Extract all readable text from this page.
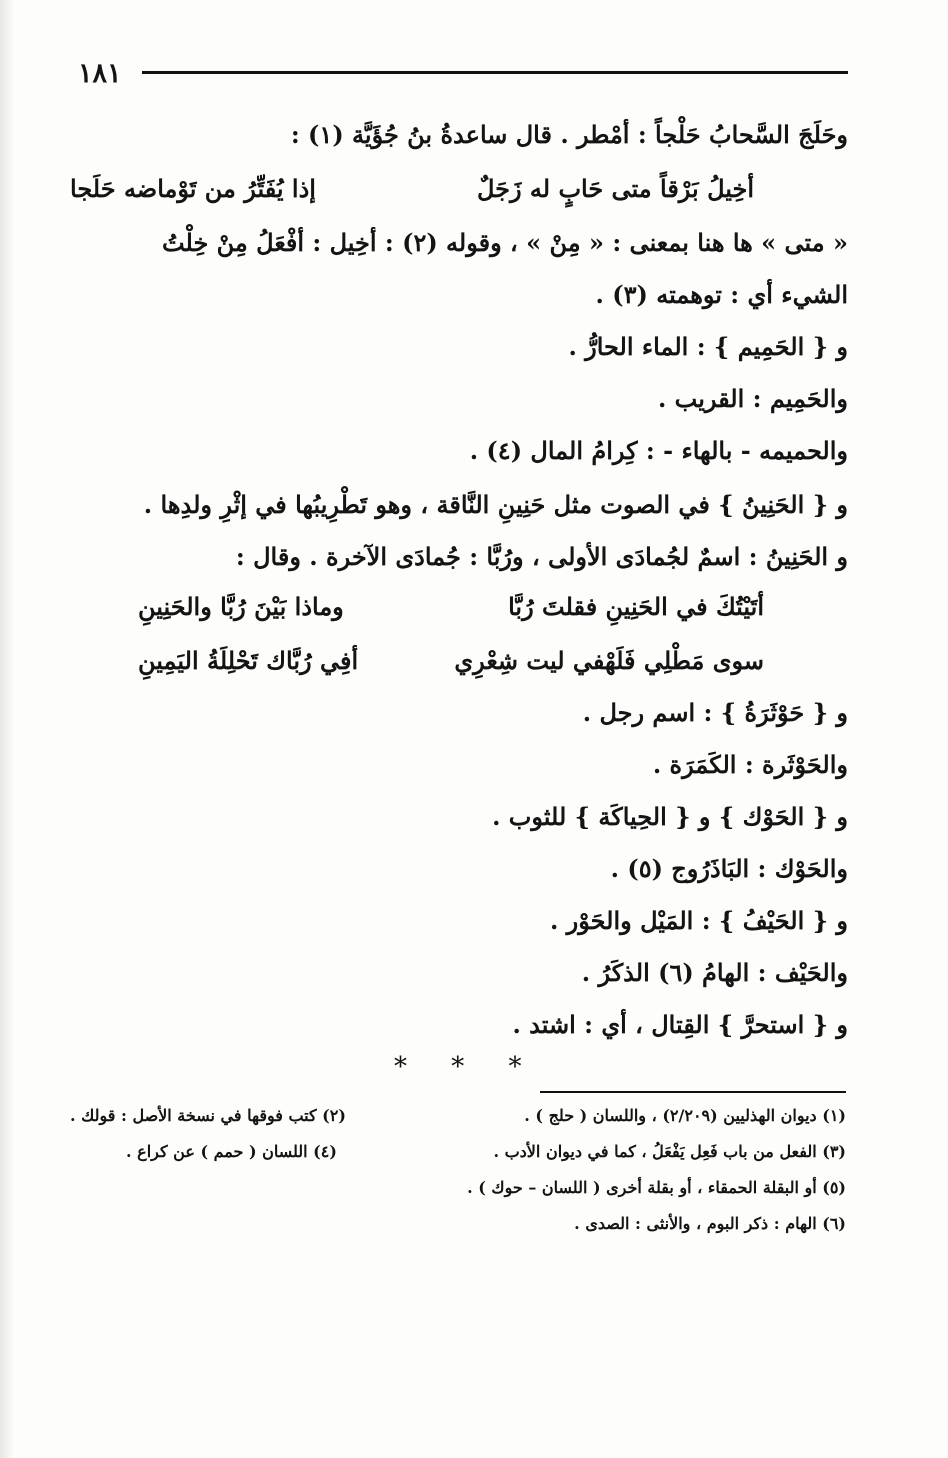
١٨١
وحَلَجَ السَّحابُ حَلْجاً : أمْطر . قال ساعدةُ بنُ جُؤَيَّة (١) :
أخِيلُ بَرْقاً متى حَابٍ له زَجَلٌ
إذا يُفَتِّرُ من تَوْماضه حَلَجا
« متى » ها هنا بمعنى : « مِنْ » ، وقوله (٢) : أخِيل : أفْعَلُ مِنْ خِلْتُ
الشيء أي : توهمته (٣) .
و { الحَمِيم } : الماء الحارُّ .
والحَمِيم : القريب .
والحميمه - بالهاء - : كِرامُ المال (٤) .
و { الحَنِينُ } في الصوت مثل حَنِينِ النَّاقة ، وهو تَطْرِيبُها في إثْرِ ولدِها .
و الحَنِينُ : اسمٌ لجُمادَى الأولى ، ورُبَّا : جُمادَى الآخرة . وقال :
أتَيْتُكَ في الحَنِينِ فقلتَ رُبَّا
وماذا بَيْنَ رُبَّا والحَنِينِ
سوى مَطْلِي فَلَهْفي ليت شِعْرِي
أفِي رُبَّاك تَحْلِلَةُ اليَمِينِ
و { حَوْثَرَةُ } : اسم رجل .
والحَوْثَرة : الكَمَرَة .
و { الحَوْك } و { الحِياكَة } للثوب .
والحَوْك : البَاذَرُوج (٥) .
و { الحَيْفُ } : المَيْل والحَوْر .
والحَيْف : الهامُ (٦) الذكَرُ .
و { استحرَّ } القِتال ، أي : اشتد .
* * *
(١) ديوان الهذليين (٢/٢٠٩) ، واللسان ( حلج ) .
(٢) كتب فوقها في نسخة الأصل : قولك .
(٣) الفعل من باب فَعِل يَفْعَلُ ، كما في ديوان الأدب .
(٤) اللسان ( حمم ) عن كراع .
(٥) أو البقلة الحمقاء ، أو بقلة أخرى ( اللسان – حوك ) .
(٦) الهام : ذكر البوم ، والأنثى : الصدى .
